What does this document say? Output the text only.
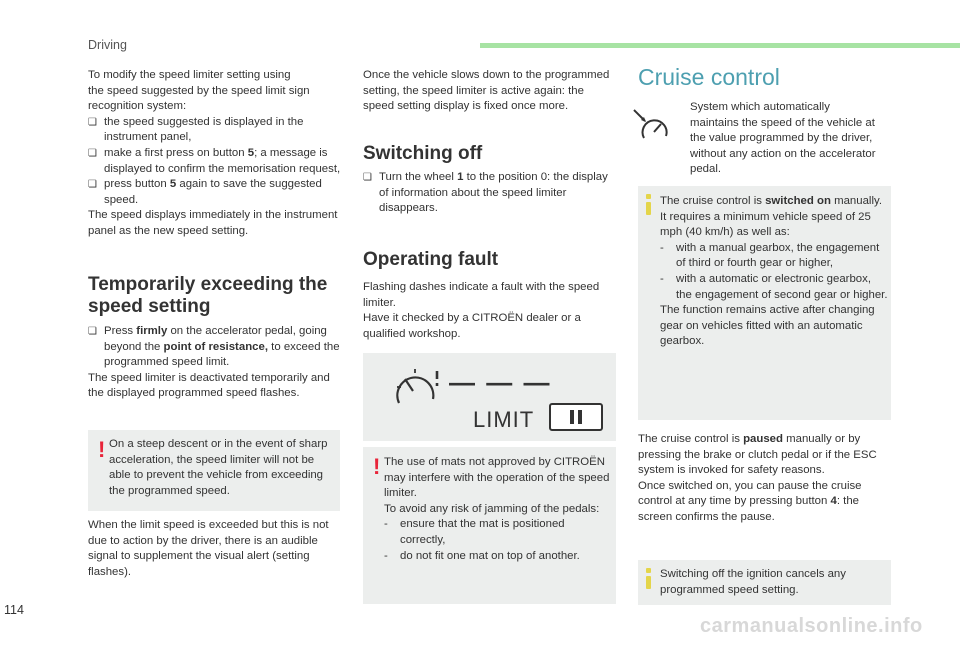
Driving
To modify the speed limiter setting using
the speed suggested by the speed limit sign
recognition system:
❏ the speed suggested is displayed in the instrument panel,
❏ make a first press on button 5; a message is displayed to confirm the memorisation request,
❏ press button 5 again to save the suggested speed.
The speed displays immediately in the instrument panel as the new speed setting.
Temporarily exceeding the speed setting
❏ Press firmly on the accelerator pedal, going beyond the point of resistance, to exceed the programmed speed limit.
The speed limiter is deactivated temporarily and the displayed programmed speed flashes.
! On a steep descent or in the event of sharp acceleration, the speed limiter will not be able to prevent the vehicle from exceeding the programmed speed.
When the limit speed is exceeded but this is not due to action by the driver, there is an audible signal to supplement the visual alert (setting flashes).
Once the vehicle slows down to the programmed setting, the speed limiter is active again: the speed setting display is fixed once more.
Switching off
❏ Turn the wheel 1 to the position 0: the display of information about the speed limiter disappears.
Operating fault
Flashing dashes indicate a fault with the speed limiter.
Have it checked by a CITROËN dealer or a qualified workshop.
— — —
LIMIT
! The use of mats not approved by CITROËN may interfere with the operation of the speed limiter.
To avoid any risk of jamming of the pedals:
- ensure that the mat is positioned correctly,
- do not fit one mat on top of another.
Cruise control
System which automatically maintains the speed of the vehicle at the value programmed by the driver, without any action on the accelerator pedal.
The cruise control is switched on manually.
It requires a minimum vehicle speed of 25 mph (40 km/h) as well as:
- with a manual gearbox, the engagement of third or fourth gear or higher,
- with a automatic or electronic gearbox, the engagement of second gear or higher.
The function remains active after changing gear on vehicles fitted with an automatic gearbox.
The cruise control is paused manually or by pressing the brake or clutch pedal or if the ESC system is invoked for safety reasons.
Once switched on, you can pause the cruise control at any time by pressing button 4: the screen confirms the pause.
Switching off the ignition cancels any programmed speed setting.
114
carmanualsonline.info
